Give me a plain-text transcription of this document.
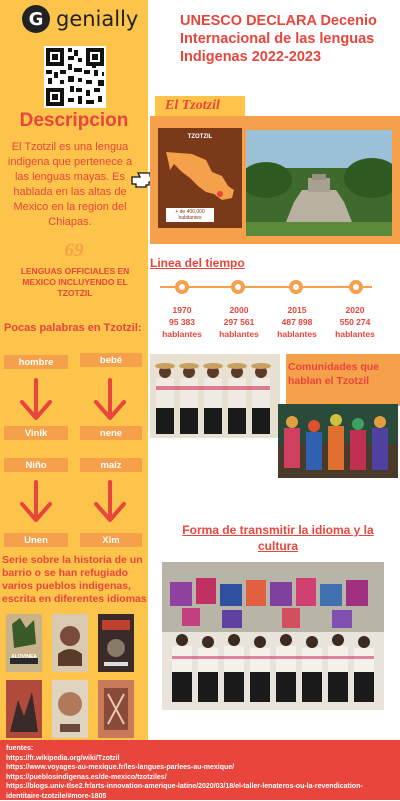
G genially
Descripcion
El Tzotzil es una lengua indigena que pertenece a las lenguas mayas. Es hablada en las altas de Mexico en la region del Chiapas.
69
LENGUAS OFFICIALES EN MEXICO INCLUYENDO EL TZOTZIL
Pocas palabras en Tzotzil:
hombre	bebé
Vinik	nene
Niño	maíz
Unen	Xim
Serie sobre la historia de un barrio o se han refugiado varios pueblos indigenas, escrita en diferentes idiomas
ALOVINEA
UNESCO DECLARA Decenio Internacional de las lenguas Indigenas 2022-2023
El Tzotzil
TZOTZIL
+ de 400,000 habitantes
Linea del tiempo
1970
95 383
hablantes
2000
297 561
hablantes
2015
487 898
hablantes
2020
550 274
hablantes
Comunidades que hablan el Tzotzil
Forma de transmitir la idioma y la cultura
fuentes:
https://fr.wikipedia.org/wiki/Tzotzil
https://www.voyages-au-mexique.fr/les-langues-parlees-au-mexique/
https://pueblosindigenas.es/de-mexico/tzotziles/
https://blogs.univ-tlse2.fr/arts-innovation-amerique-latine/2020/03/18/el-taller-lenateros-ou-la-revendication-
identitaire-tzotzile/#more-1805
